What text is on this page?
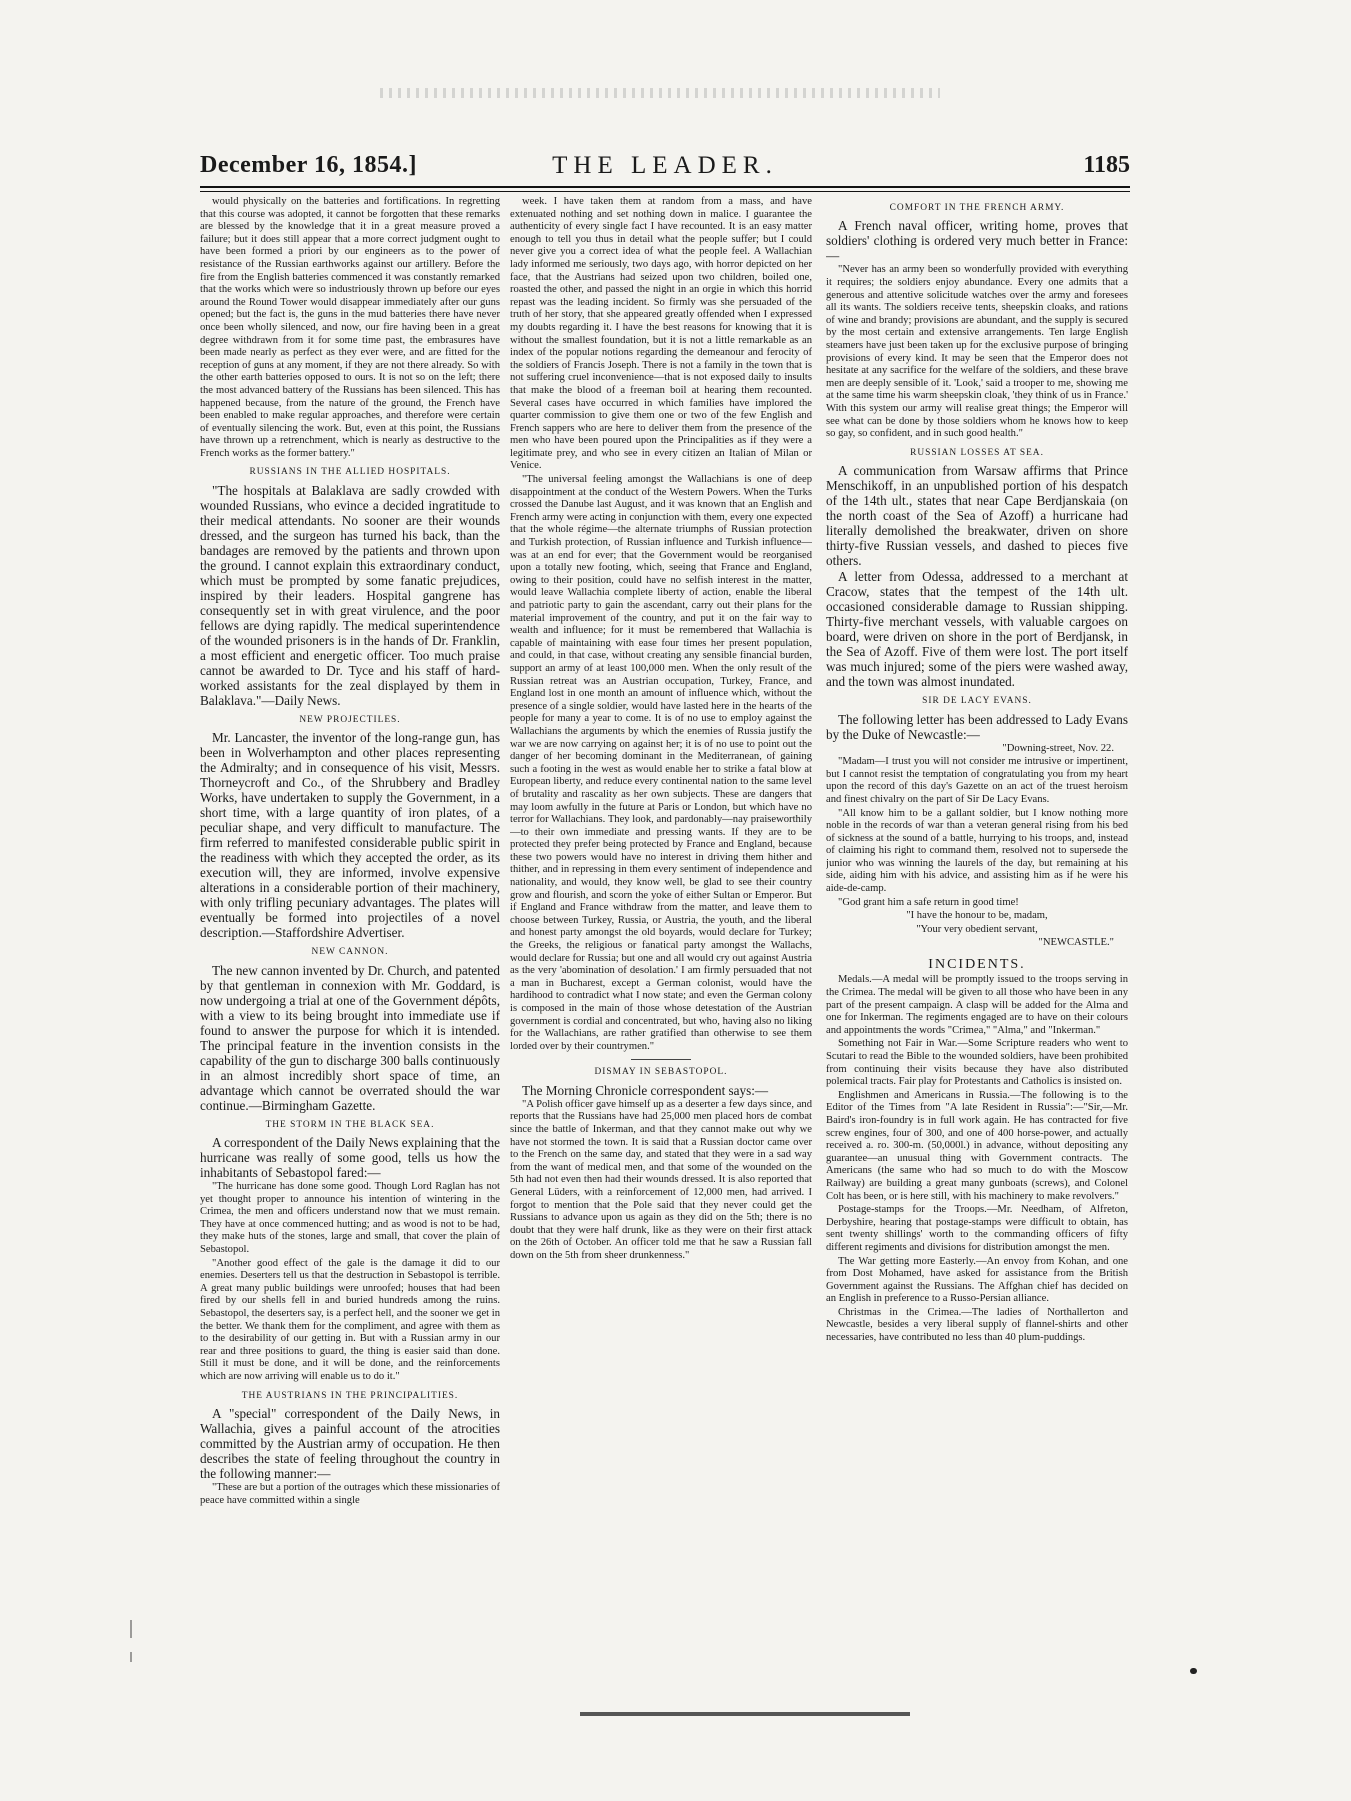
December 16, 1854.]	THE LEADER.	1185

would physically on the batteries and fortifications. In regretting that this course was adopted, it cannot be forgotten that these remarks are blessed by the knowledge that it in a great measure proved a failure; but it does still appear that a more correct judgment ought to have been formed a priori by our engineers as to the power of resistance of the Russian earthworks against our artillery. Before the fire from the English batteries commenced it was constantly remarked that the works which were so industriously thrown up before our eyes around the Round Tower would disappear immediately after our guns opened; but the fact is, the guns in the mud batteries there have never once been wholly silenced, and now, our fire having been in a great degree withdrawn from it for some time past, the embrasures have been made nearly as perfect as they ever were, and are fitted for the reception of guns at any moment, if they are not there already. So with the other earth batteries opposed to ours. It is not so on the left; there the most advanced battery of the Russians has been silenced. This has happened because, from the nature of the ground, the French have been enabled to make regular approaches, and therefore were certain of eventually silencing the work. But, even at this point, the Russians have thrown up a retrenchment, which is nearly as destructive to the French works as the former battery."

RUSSIANS IN THE ALLIED HOSPITALS.

"The hospitals at Balaklava are sadly crowded with wounded Russians, who evince a decided ingratitude to their medical attendants. No sooner are their wounds dressed, and the surgeon has turned his back, than the bandages are removed by the patients and thrown upon the ground. I cannot explain this extraordinary conduct, which must be prompted by some fanatic prejudices, inspired by their leaders. Hospital gangrene has consequently set in with great virulence, and the poor fellows are dying rapidly. The medical superintendence of the wounded prisoners is in the hands of Dr. Franklin, a most efficient and energetic officer. Too much praise cannot be awarded to Dr. Tyce and his staff of hard-worked assistants for the zeal displayed by them in Balaklava."—Daily News.

NEW PROJECTILES.

Mr. Lancaster, the inventor of the long-range gun, has been in Wolverhampton and other places representing the Admiralty; and in consequence of his visit, Messrs. Thorneycroft and Co., of the Shrubbery and Bradley Works, have undertaken to supply the Government, in a short time, with a large quantity of iron plates, of a peculiar shape, and very difficult to manufacture. The firm referred to manifested considerable public spirit in the readiness with which they accepted the order, as its execution will, they are informed, involve expensive alterations in a considerable portion of their machinery, with only trifling pecuniary advantages. The plates will eventually be formed into projectiles of a novel description.—Staffordshire Advertiser.

NEW CANNON.

The new cannon invented by Dr. Church, and patented by that gentleman in connexion with Mr. Goddard, is now undergoing a trial at one of the Government dépôts, with a view to its being brought into immediate use if found to answer the purpose for which it is intended. The principal feature in the invention consists in the capability of the gun to discharge 300 balls continuously in an almost incredibly short space of time, an advantage which cannot be overrated should the war continue.—Birmingham Gazette.

THE STORM IN THE BLACK SEA.

A correspondent of the Daily News explaining that the hurricane was really of some good, tells us how the inhabitants of Sebastopol fared:—

"The hurricane has done some good. Though Lord Raglan has not yet thought proper to announce his intention of wintering in the Crimea, the men and officers understand now that we must remain. They have at once commenced hutting; and as wood is not to be had, they make huts of the stones, large and small, that cover the plain of Sebastopol.

"Another good effect of the gale is the damage it did to our enemies. Deserters tell us that the destruction in Sebastopol is terrible. A great many public buildings were unroofed; houses that had been fired by our shells fell in and buried hundreds among the ruins. Sebastopol, the deserters say, is a perfect hell, and the sooner we get in the better. We thank them for the compliment, and agree with them as to the desirability of our getting in. But with a Russian army in our rear and three positions to guard, the thing is easier said than done. Still it must be done, and it will be done, and the reinforcements which are now arriving will enable us to do it."

THE AUSTRIANS IN THE PRINCIPALITIES.

A "special" correspondent of the Daily News, in Wallachia, gives a painful account of the atrocities committed by the Austrian army of occupation. He then describes the state of feeling throughout the country in the following manner:—

"These are but a portion of the outrages which these missionaries of peace have committed within a single

week. I have taken them at random from a mass, and have extenuated nothing and set nothing down in malice. I guarantee the authenticity of every single fact I have recounted. It is an easy matter enough to tell you thus in detail what the people suffer; but I could never give you a correct idea of what the people feel. A Wallachian lady informed me seriously, two days ago, with horror depicted on her face, that the Austrians had seized upon two children, boiled one, roasted the other, and passed the night in an orgie in which this horrid repast was the leading incident. So firmly was she persuaded of the truth of her story, that she appeared greatly offended when I expressed my doubts regarding it. I have the best reasons for knowing that it is without the smallest foundation, but it is not a little remarkable as an index of the popular notions regarding the demeanour and ferocity of the soldiers of Francis Joseph. There is not a family in the town that is not suffering cruel inconvenience—that is not exposed daily to insults that make the blood of a freeman boil at hearing them recounted. Several cases have occurred in which families have implored the quarter commission to give them one or two of the few English and French sappers who are here to deliver them from the presence of the men who have been poured upon the Principalities as if they were a legitimate prey, and who see in every citizen an Italian of Milan or Venice.

"The universal feeling amongst the Wallachians is one of deep disappointment at the conduct of the Western Powers. When the Turks crossed the Danube last August, and it was known that an English and French army were acting in conjunction with them, every one expected that the whole régime—the alternate triumphs of Russian protection and Turkish protection, of Russian influence and Turkish influence—was at an end for ever; that the Government would be reorganised upon a totally new footing, which, seeing that France and England, owing to their position, could have no selfish interest in the matter, would leave Wallachia complete liberty of action, enable the liberal and patriotic party to gain the ascendant, carry out their plans for the material improvement of the country, and put it on the fair way to wealth and influence; for it must be remembered that Wallachia is capable of maintaining with ease four times her present population, and could, in that case, without creating any sensible financial burden, support an army of at least 100,000 men. When the only result of the Russian retreat was an Austrian occupation, Turkey, France, and England lost in one month an amount of influence which, without the presence of a single soldier, would have lasted here in the hearts of the people for many a year to come. It is of no use to employ against the Wallachians the arguments by which the enemies of Russia justify the war we are now carrying on against her; it is of no use to point out the danger of her becoming dominant in the Mediterranean, of gaining such a footing in the west as would enable her to strike a fatal blow at European liberty, and reduce every continental nation to the same level of brutality and rascality as her own subjects. These are dangers that may loom awfully in the future at Paris or London, but which have no terror for Wallachians. They look, and pardonably—nay praiseworthily—to their own immediate and pressing wants. If they are to be protected they prefer being protected by France and England, because these two powers would have no interest in driving them hither and thither, and in repressing in them every sentiment of independence and nationality, and would, they know well, be glad to see their country grow and flourish, and scorn the yoke of either Sultan or Emperor. But if England and France withdraw from the matter, and leave them to choose between Turkey, Russia, or Austria, the youth, and the liberal and honest party amongst the old boyards, would declare for Turkey; the Greeks, the religious or fanatical party amongst the Wallachs, would declare for Russia; but one and all would cry out against Austria as the very 'abomination of desolation.' I am firmly persuaded that not a man in Bucharest, except a German colonist, would have the hardihood to contradict what I now state; and even the German colony is composed in the main of those whose detestation of the Austrian government is cordial and concentrated, but who, having also no liking for the Wallachians, are rather gratified than otherwise to see them lorded over by their countrymen."

DISMAY IN SEBASTOPOL.

The Morning Chronicle correspondent says:—

"A Polish officer gave himself up as a deserter a few days since, and reports that the Russians have had 25,000 men placed hors de combat since the battle of Inkerman, and that they cannot make out why we have not stormed the town. It is said that a Russian doctor came over to the French on the same day, and stated that they were in a sad way from the want of medical men, and that some of the wounded on the 5th had not even then had their wounds dressed. It is also reported that General Lüders, with a reinforcement of 12,000 men, had arrived. I forgot to mention that the Pole said that they never could get the Russians to advance upon us again as they did on the 5th; there is no doubt that they were half drunk, like as they were on their first attack on the 26th of October. An officer told me that he saw a Russian fall down on the 5th from sheer drunkenness."

COMFORT IN THE FRENCH ARMY.

A French naval officer, writing home, proves that soldiers' clothing is ordered very much better in France:—

"Never has an army been so wonderfully provided with everything it requires; the soldiers enjoy abundance. Every one admits that a generous and attentive solicitude watches over the army and foresees all its wants. The soldiers receive tents, sheepskin cloaks, and rations of wine and brandy; provisions are abundant, and the supply is secured by the most certain and extensive arrangements. Ten large English steamers have just been taken up for the exclusive purpose of bringing provisions of every kind. It may be seen that the Emperor does not hesitate at any sacrifice for the welfare of the soldiers, and these brave men are deeply sensible of it. 'Look,' said a trooper to me, showing me at the same time his warm sheepskin cloak, 'they think of us in France.' With this system our army will realise great things; the Emperor will see what can be done by those soldiers whom he knows how to keep so gay, so confident, and in such good health."

RUSSIAN LOSSES AT SEA.

A communication from Warsaw affirms that Prince Menschikoff, in an unpublished portion of his despatch of the 14th ult., states that near Cape Berdjanskaia (on the north coast of the Sea of Azoff) a hurricane had literally demolished the breakwater, driven on shore thirty-five Russian vessels, and dashed to pieces five others.

A letter from Odessa, addressed to a merchant at Cracow, states that the tempest of the 14th ult. occasioned considerable damage to Russian shipping. Thirty-five merchant vessels, with valuable cargoes on board, were driven on shore in the port of Berdjansk, in the Sea of Azoff. Five of them were lost. The port itself was much injured; some of the piers were washed away, and the town was almost inundated.

SIR DE LACY EVANS.

The following letter has been addressed to Lady Evans by the Duke of Newcastle:—

"Downing-street, Nov. 22.

"Madam—I trust you will not consider me intrusive or impertinent, but I cannot resist the temptation of congratulating you from my heart upon the record of this day's Gazette on an act of the truest heroism and finest chivalry on the part of Sir De Lacy Evans.

"All know him to be a gallant soldier, but I know nothing more noble in the records of war than a veteran general rising from his bed of sickness at the sound of a battle, hurrying to his troops, and, instead of claiming his right to command them, resolved not to supersede the junior who was winning the laurels of the day, but remaining at his side, aiding him with his advice, and assisting him as if he were his aide-de-camp.

"God grant him a safe return in good time!

"I have the honour to be, madam,

"Your very obedient servant,

"NEWCASTLE."

INCIDENTS.

Medals.—A medal will be promptly issued to the troops serving in the Crimea. The medal will be given to all those who have been in any part of the present campaign. A clasp will be added for the Alma and one for Inkerman. The regiments engaged are to have on their colours and appointments the words "Crimea," "Alma," and "Inkerman."

Something not Fair in War.—Some Scripture readers who went to Scutari to read the Bible to the wounded soldiers, have been prohibited from continuing their visits because they have also distributed polemical tracts. Fair play for Protestants and Catholics is insisted on.

Englishmen and Americans in Russia.—The following is to the Editor of the Times from "A late Resident in Russia":—"Sir,—Mr. Baird's iron-foundry is in full work again. He has contracted for five screw engines, four of 300, and one of 400 horse-power, and actually received a. ro. 300-m. (50,000l.) in advance, without depositing any guarantee—an unusual thing with Government contracts. The Americans (the same who had so much to do with the Moscow Railway) are building a great many gunboats (screws), and Colonel Colt has been, or is here still, with his machinery to make revolvers."

Postage-stamps for the Troops.—Mr. Needham, of Alfreton, Derbyshire, hearing that postage-stamps were difficult to obtain, has sent twenty shillings' worth to the commanding officers of fifty different regiments and divisions for distribution amongst the men.

The War getting more Easterly.—An envoy from Kohan, and one from Dost Mohamed, have asked for assistance from the British Government against the Russians. The Affghan chief has decided on an English in preference to a Russo-Persian alliance.

Christmas in the Crimea.—The ladies of Northallerton and Newcastle, besides a very liberal supply of flannel-shirts and other necessaries, have contributed no less than 40 plum-puddings.
